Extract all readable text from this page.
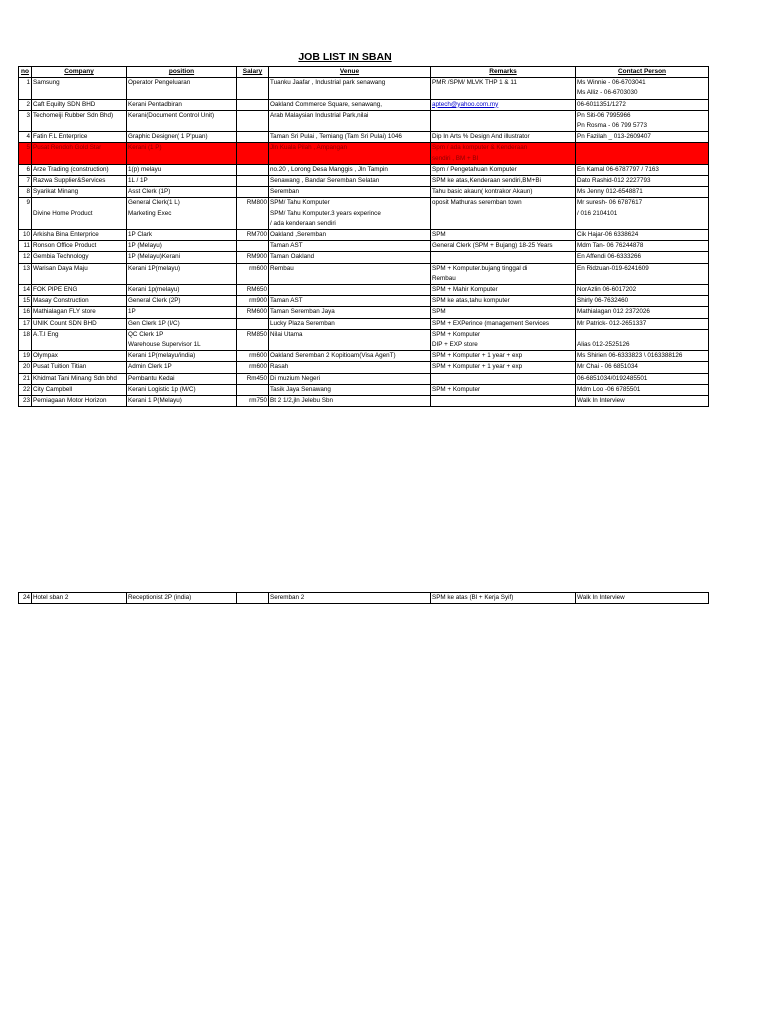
JOB LIST IN SBAN
no	Company	position	Salary	Venue	Remarks	Contact Person
1	Samsung	Operator Pengeluaran		Tuanku Jaafar , Industrial park senawang	PMR /SPM/ MLVK THP 1 & 11	Ms Winnie - 06-6703041
						Ms Alliz - 06-6703030
2	Caft Equilty SDN BHD	Kerani Pentadbiran		Oakland Commerce Square, senawang,	aptech@yahoo.com.my	06-6011351/1272
3	Techomeiji Rubber Sdn Bhd)	Kerani(Document Control Unit)		Arab Malaysian Industrial Park,nilai		Pn Siti-06 7995966
						Pn Rosma - 06 799 5773
4	Fatin F.L Enterprice	Graphic Designer( 1 P'puan)		Taman Sri Pulai , Temiang (Tam Sri Pulai) 1046	Dip In Arts % Design And illustrator	Pn Fazilah _ 013-2609407
5	Pusat Rendoh Gold Star	Kerani (1 P)		Jln Kuala Pilah , Ampangan	Spm / ada komputer & Kenderaan	
					sendiri , BM + BI	
6	Arze Trading (construction)	1(p) melayu		no.20 , Lorong Desa Manggis , Jln Tampin	Spm / Pengetahuan Komputer	En Kamal 06-6787797 / 7163
7	Razwa Supplier&Services	1L / 1P		Senawang , Bandar Seremban Selatan	SPM ke atas,Kenderaan sendiri,BM+Bi	Dato Rashid-012 2227793
8	Syarikat Minang	Asst Clerk (1P)		Seremban	Tahu basic akaun( kontrakor Akaun)	Ms Jenny 012-6548871
9		General Clerk(1 L)	RM800	SPM/ Tahu Komputer	oposit Mathuras seremban town	Mr suresh- 06 6787617
	Divine Home Product	Marketing Exec		SPM/ Tahu Komputer.3 years experince		/ 016 2104101
				/ ada kenderaan sendiri		
10	Arkisha Bina Enterprice	1P Clark	RM700	Oakland ,Seremban	SPM	Cik Hajar-06 6338624
11	Ronson Office Product	1P (Melayu)		Taman AST	General Clerk (SPM + Bujang) 18-25 Years	Mdm Tan- 06 76244878
12	Gembia Technology	1P (Melayu)Kerani	RM900	Taman Oakland		En Affendi 06-6333266
13	Warisan Daya Maju	Kerani 1P(melayu)	rm600	Rembau	SPM + Komputer.bujang tinggal di	En Ridzuan-019-6241609
					Rembau	
14	FOK PIPE ENG	Kerani 1p(melayu)	RM650		SPM + Mahir Komputer	NorAzlin 06-6017202
15	Masay Construction	General Clerk (2P)	rm900	Taman AST	SPM ke atas,tahu komputer	Shirly 06-7632460
16	Mathialagan FLY store	1P	RM600	Taman Seremban Jaya	SPM	Mathialagan 012 2372026
17	UNIK Count SDN BHD	Gen Clerk 1P (I/C)		Lucky Plaza Seremban	SPM + EXPerince (management Services	Mr Patrick- 012-2651337
18	A.T.I Eng	QC Clerk 1P	RM850	Nilai Utama	SPM + Komputer	
		Warehouse Supervisor 1L			DIP + EXP store	Alias 012-2525126
19	Olympax	Kerani 1P(melayu/india)	rm600	Oakland Seremban 2 Kopitioam(Visa AgenT)	SPM + Komputer + 1 year + exp	Ms Shirien 06-6333823 \ 0163388126
20	Pusat Tuition Titian	Admin Clerk 1P	rm600	Rasah	SPM + Komputer + 1 year + exp	Mr Chai - 06 6851034
21	Khidmat Tani Minang Sdn bhd	Pembantu Kedai	Rm450	Di muzium Negeri		06-6851034/0192485501
22	City Campbell	Kerani Logistic 1p (M/C)		Tasik Jaya Senawang	SPM + Komputer	Mdm Loo -06 6785501
23	Perniagaan Motor Horizon	Kerani 1 P(Melayu)	rm750	Bt 2 1/2,jln Jelebu Sbn		Walk In Interview
24	Hotel sban 2	Receptionist 2P (india)		Seremban 2	SPM ke atas (Bl + Kerja Syif)	Walk In Interview
